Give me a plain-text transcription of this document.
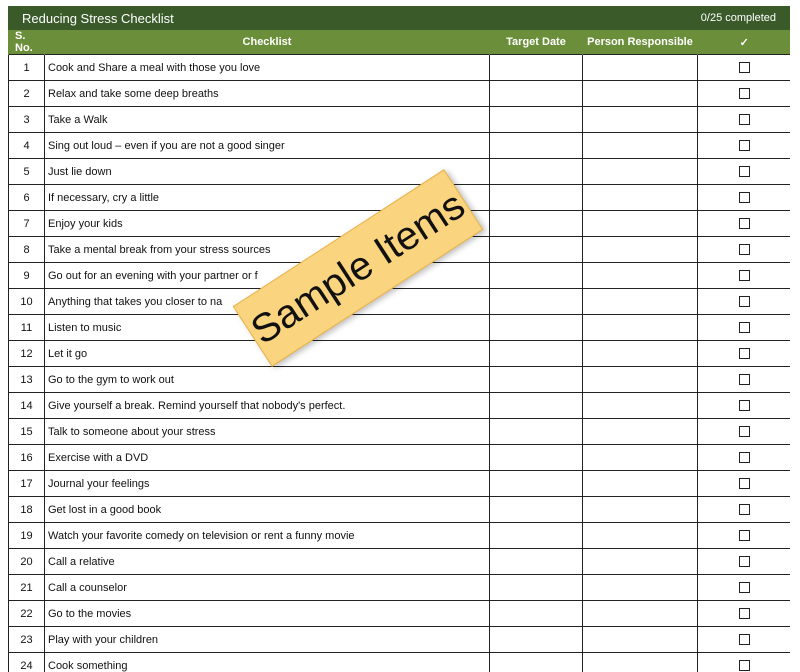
Reducing Stress Checklist	0/25 completed
S. No.	Checklist	Target Date	Person Responsible	✓
1	Cook and Share a meal with those you love			
2	Relax and take some deep breaths			
3	Take a Walk			
4	Sing out loud – even if you are not a good singer			
5	Just lie down			
6	If necessary, cry a little			
7	Enjoy your kids			
8	Take a mental break from your stress sources			
9	Go out for an evening with your partner or f			
10	Anything that takes you closer to na			
11	Listen to music			
12	Let it go			
13	Go to the gym to work out			
14	Give yourself a break. Remind yourself that nobody's perfect.			
15	Talk to someone about your stress			
16	Exercise with a DVD			
17	Journal your feelings			
18	Get lost in a good book			
19	Watch your favorite comedy on television or rent a funny movie			
20	Call a relative			
21	Call a counselor			
22	Go to the movies			
23	Play with your children			
24	Cook something			
Sample Items
